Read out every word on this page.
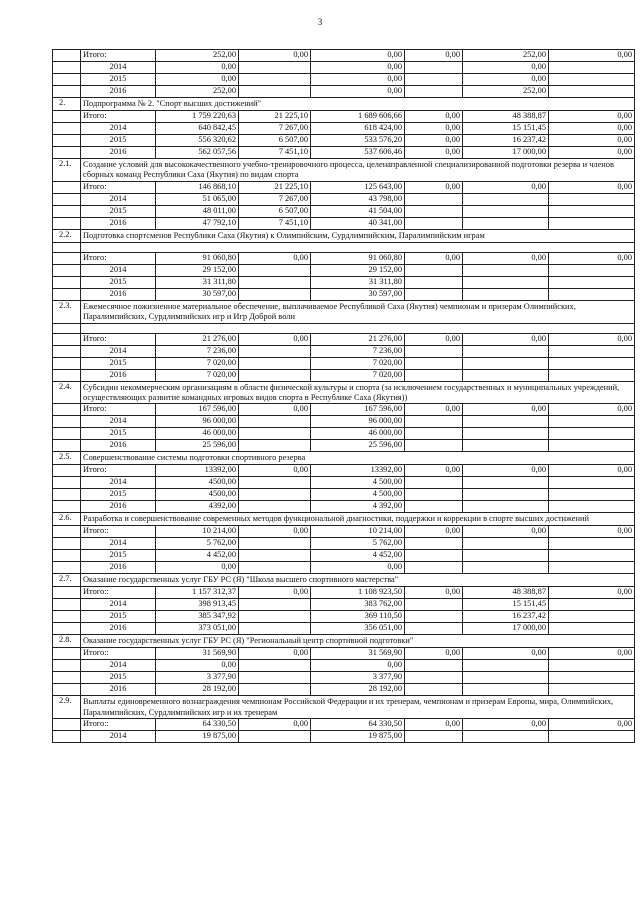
3
	Итого:	252,00	0,00	0,00	0,00	252,00	0,00
	2014	0,00		0,00		0,00	
	2015	0,00		0,00		0,00	
	2016	252,00		0,00		252,00	
2.	Подпрограмма № 2. "Спорт высших достижений"						
	Итого:	1 759 220,63	21 225,10	1 689 606,66	0,00	48 388,87	0,00
	2014	640 842,45	7 267,00	618 424,00	0,00	15 151,45	0,00
	2015	556 320,62	6 507,00	533 576,20	0,00	16 237,42	0,00
	2016	562 057,56	7 451,10	537 606,46	0,00	17 000,00	0,00
2.1.	Создание условий для высококачественного учебно-тренировочного процесса, целенаправленной специализированной подготовки резерва и членов сборных команд Республики Саха (Якутия) по видам спорта						
	Итого:	146 868,10	21 225,10	125 643,00	0,00	0,00	0,00
	2014	51 065,00	7 267,00	43 798,00			
	2015	48 011,00	6 507,00	41 504,00			
	2016	47 792,10	7 451,10	40 341,00			
2.2.	Подготовка спортсменов Республики Саха (Якутия) к Олимпийским, Сурдлимпийским, Паралимпийским играм						

	Итого:	91 060,80	0,00	91 060,80	0,00	0,00	0,00
	2014	29 152,00		29 152,00			
	2015	31 311,80		31 311,80			
	2016	30 597,00		30 597,00			
2.3.	Ежемесячное пожизненное материальное обеспечение, выплачиваемое Республикой Саха (Якутия) чемпионам и призерам Олимпийских, Паралимпийских, Сурдлимпийских игр и Игр Доброй воли						

	Итого:	21 276,00	0,00	21 276,00	0,00	0,00	0,00
	2014	7 236,00		7 236,00			
	2015	7 020,00		7 020,00			
	2016	7 020,00		7 020,00			
2.4.	Субсидии некоммерческим организациям в области физической культуры и спорта (за исключением государственных и муниципальных учреждений, осуществляющих развитие командных игровых видов спорта в Республике Саха (Якутия))						
	Итого:	167 596,00	0,00	167 596,00	0,00	0,00	0,00
	2014	96 000,00		96 000,00			
	2015	46 000,00		46 000,00			
	2016	25 596,00		25 596,00			
2.5.	Совершенствование системы подготовки спортивного резерва						
	Итого:	13392,00	0,00	13392,00	0,00	0,00	0,00
	2014	4500,00		4 500,00			
	2015	4500,00		4 500,00			
	2016	4392,00		4 392,00			
2.6.	Разработка и совершенствование современных методов функциональной диагностики, поддержки и коррекции в спорте высших достижений						
	Итого::	10 214,00	0,00	10 214,00	0,00	0,00	0,00
	2014	5 762,00		5 762,00			
	2015	4 452,00		4 452,00			
	2016	0,00		0,00			
2.7.	Оказание государственных услуг ГБУ РС (Я) "Школа высшего спортивного мастерства"						
	Итого::	1 157 312,37	0,00	1 108 923,50	0,00	48 388,87	0,00
	2014	398 913,45		383 762,00		15 151,45	
	2015	385 347,92		369 110,50		16 237,42	
	2016	373 051,00		356 051,00		17 000,00	
2.8.	Оказание государственных услуг ГБУ РС (Я) "Региональный центр спортивной подготовки"						
	Итого::	31 569,90	0,00	31 569,90	0,00	0,00	0,00
	2014	0,00		0,00			
	2015	3 377,90		3 377,90			
	2016	28 192,00		28 192,00			
2.9.	Выплаты единовременного вознаграждения чемпионам Российской Федерации и их тренерам, чемпионам и призерам Европы, мира, Олимпийских, Паралимпийских, Сурдлимпийских игр и их тренерам						
	Итого::	64 330,50	0,00	64 330,50	0,00	0,00	0,00
	2014	19 875,00		19 875,00			
